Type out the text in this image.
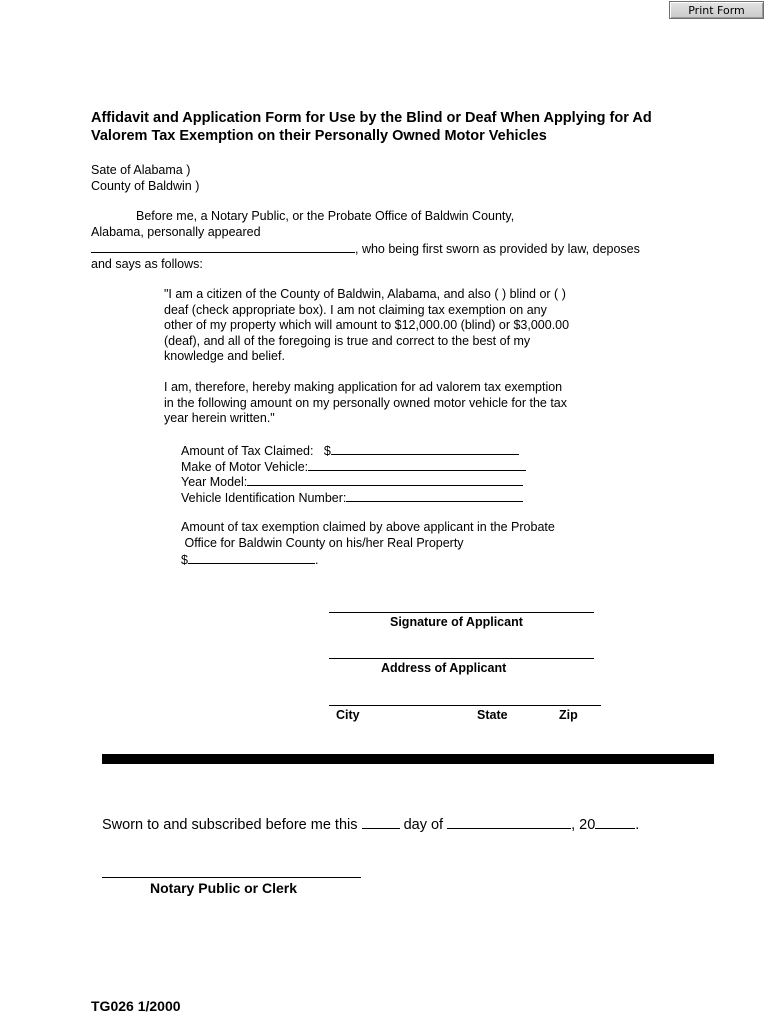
Print Form
Affidavit and Application Form for Use by the Blind or Deaf When Applying for Ad
Valorem Tax Exemption on their Personally Owned Motor Vehicles
Sate of Alabama )
County of Baldwin )
Before me, a Notary Public, or the Probate Office of Baldwin County,
Alabama, personally appeared
, who being first sworn as provided by law, deposes
and says as follows:
"I am a citizen of the County of Baldwin, Alabama, and also ( ) blind or ( )
deaf (check appropriate box). I am not claiming tax exemption on any
other of my property which will amount to $12,000.00 (blind) or $3,000.00
(deaf), and all of the foregoing is true and correct to the best of my
knowledge and belief.
I am, therefore, hereby making application for ad valorem tax exemption
in the following amount on my personally owned motor vehicle for the tax
year herein written."
Amount of Tax Claimed: $
Make of Motor Vehicle:
Year Model:
Vehicle Identification Number:
Amount of tax exemption claimed by above applicant in the Probate
Office for Baldwin County on his/her Real Property
$	.
Signature of Applicant
Address of Applicant
City	State	Zip
Sworn to and subscribed before me this	day of	, 20	.
Notary Public or Clerk
TG026 1/2000
